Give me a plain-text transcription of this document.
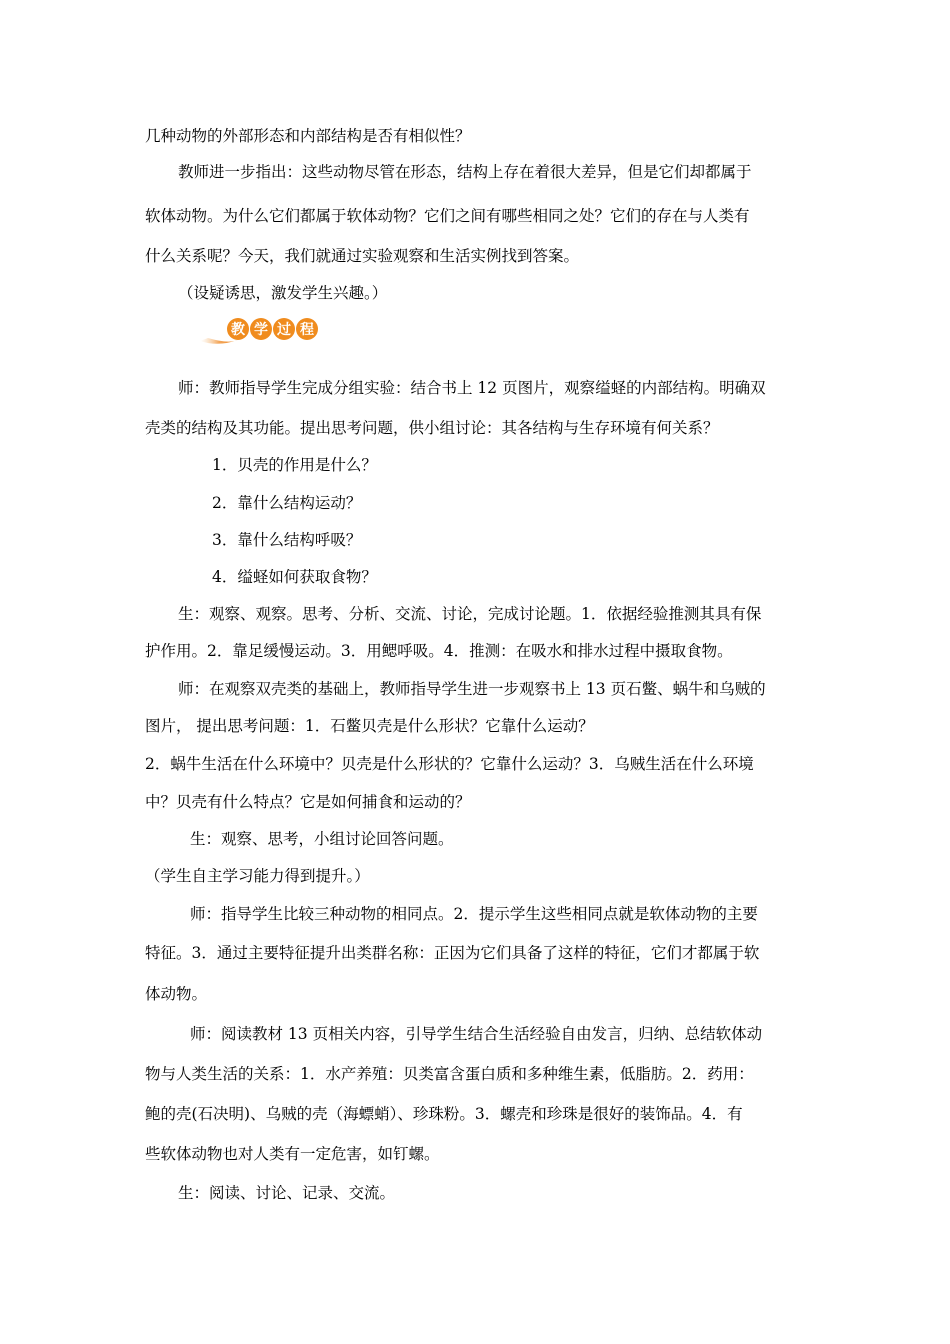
几种动物的外部形态和内部结构是否有相似性？
教师进一步指出：这些动物尽管在形态，结构上存在着很大差异，但是它们却都属于
软体动物。为什么它们都属于软体动物？它们之间有哪些相同之处？它们的存在与人类有
什么关系呢？今天，我们就通过实验观察和生活实例找到答案。
（设疑诱思，激发学生兴趣。）
教 学 过 程
师：教师指导学生完成分组实验：结合书上 12 页图片，观察缢蛏的内部结构。明确双
壳类的结构及其功能。提出思考问题，供小组讨论：其各结构与生存环境有何关系？
1．贝壳的作用是什么？
2．靠什么结构运动？
3．靠什么结构呼吸？
4．缢蛏如何获取食物？
生：观察、观察。思考、分析、交流、讨论，完成讨论题。1．依据经验推测其具有保
护作用。2．靠足缓慢运动。3．用鳃呼吸。4．推测：在吸水和排水过程中摄取食物。
师：在观察双壳类的基础上，教师指导学生进一步观察书上 13 页石鳖、蜗牛和乌贼的
图片， 提出思考问题：1．石鳖贝壳是什么形状？它靠什么运动？
2．蜗牛生活在什么环境中？贝壳是什么形状的？它靠什么运动？3．乌贼生活在什么环境
中？贝壳有什么特点？它是如何捕食和运动的？
生：观察、思考，小组讨论回答问题。
（学生自主学习能力得到提升。）
师：指导学生比较三种动物的相同点。2．提示学生这些相同点就是软体动物的主要
特征。3．通过主要特征提升出类群名称：正因为它们具备了这样的特征，它们才都属于软
体动物。
师：阅读教材 13 页相关内容，引导学生结合生活经验自由发言，归纳、总结软体动
物与人类生活的关系：1．水产养殖：贝类富含蛋白质和多种维生素，低脂肪。2．药用：
鲍的壳(石决明)、乌贼的壳（海螵蛸）、珍珠粉。3．螺壳和珍珠是很好的装饰品。4．有
些软体动物也对人类有一定危害，如钉螺。
生：阅读、讨论、记录、交流。
